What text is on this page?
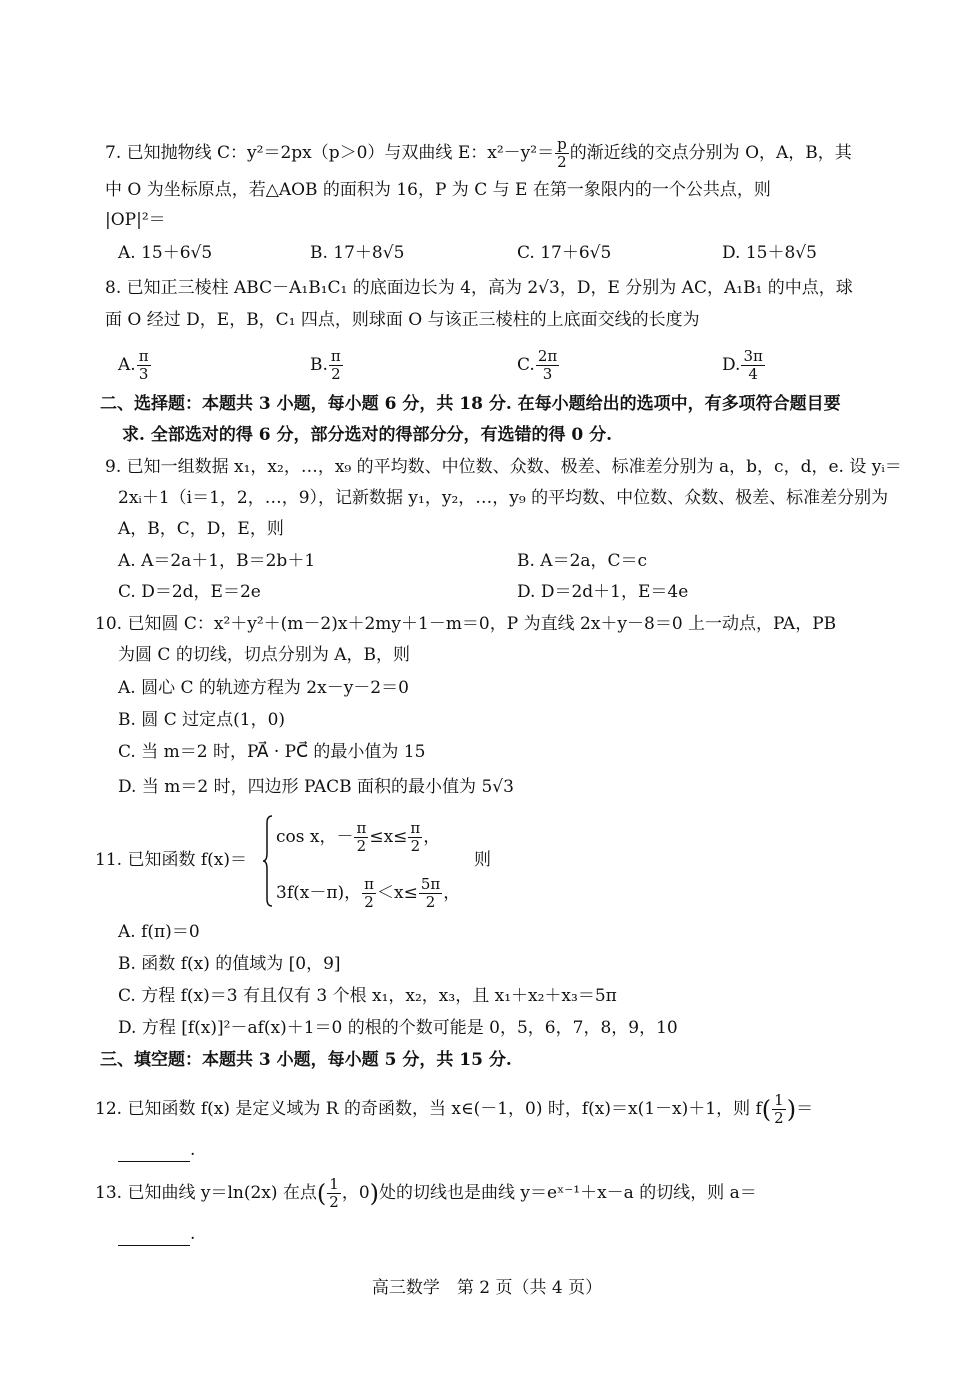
7. 已知抛物线 C：y²＝2px（p＞0）与双曲线 E：$x^2-y^2= \frac{p}{2}$ 的渐近线的交点分别为 O，A，B，其
中 O 为坐标原点，若△AOB 的面积为 16，P 为 C 与 E 在第一象限内的一个公共点，则
|OP|²＝
A. 15＋6√5	B. 17＋8√5	C. 17＋6√5	D. 15＋8√5
8. 已知正三棱柱 ABC－A₁B₁C₁ 的底面边长为 4，高为 2√3，D，E 分别为 AC，A₁B₁ 的中点，球
面 O 经过 D，E，B，C₁ 四点，则球面 O 与该正三棱柱的上底面交线的长度为
A. $\frac{\pi}{3}$	B. $\frac{\pi}{2}$	C. $\frac{2\pi}{3}$	D. $\frac{3\pi}{4}$
二、选择题：本题共 3 小题，每小题 6 分，共 18 分. 在每小题给出的选项中，有多项符合题目要
求. 全部选对的得 6 分，部分选对的得部分分，有选错的得 0 分.
9. 已知一组数据 x₁，x₂，…，x₉ 的平均数、中位数、众数、极差、标准差分别为 a，b，c，d，e. 设 yᵢ＝
2xᵢ＋1（i＝1，2，…，9），记新数据 y₁，y₂，…，y₉ 的平均数、中位数、众数、极差、标准差分别为
A，B，C，D，E，则
A. A＝2a＋1，B＝2b＋1	B. A＝2a，C＝c
C. D＝2d，E＝2e	D. D＝2d＋1，E＝4e
10. 已知圆 C：x²＋y²＋(m－2)x＋2my＋1－m＝0，P 为直线 2x＋y－8＝0 上一动点，PA，PB
为圆 C 的切线，切点分别为 A，B，则
A. 圆心 C 的轨迹方程为 2x－y－2＝0
B. 圆 C 过定点(1，0)
C. 当 m＝2 时，PA⃗ · PC⃗ 的最小值为 15
D. 当 m＝2 时，四边形 PACB 面积的最小值为 5√3
11. 已知函数 f(x)＝
cos x，－ $\frac{\pi}{2} \le x\le \frac{\pi}{2}$ ，
3f(x－π)， $\frac{\pi}{2} <x\le \frac{5\pi}{2}$ ，
则
A. f(π)＝0
B. 函数 f(x) 的值域为 [0，9]
C. 方程 f(x)＝3 有且仅有 3 个根 x₁，x₂，x₃，且 x₁＋x₂＋x₃＝5π
D. 方程 [f(x)]²－af(x)＋1＝0 的根的个数可能是 0，5，6，7，8，9，10
三、填空题：本题共 3 小题，每小题 5 分，共 15 分.
12. 已知函数 f(x) 是定义域为 R 的奇函数，当 x∈(－1，0) 时，f(x)＝x(1－x)＋1，则 $f( \frac{1}{2}$ )＝
.
13. 已知曲线 y＝ln(2x) 在点( $\frac{1}{2}$ ，0)处的切线也是曲线 y＝eˣ⁻¹＋x－a 的切线，则 a＝
.
高三数学　第 2 页（共 4 页）
